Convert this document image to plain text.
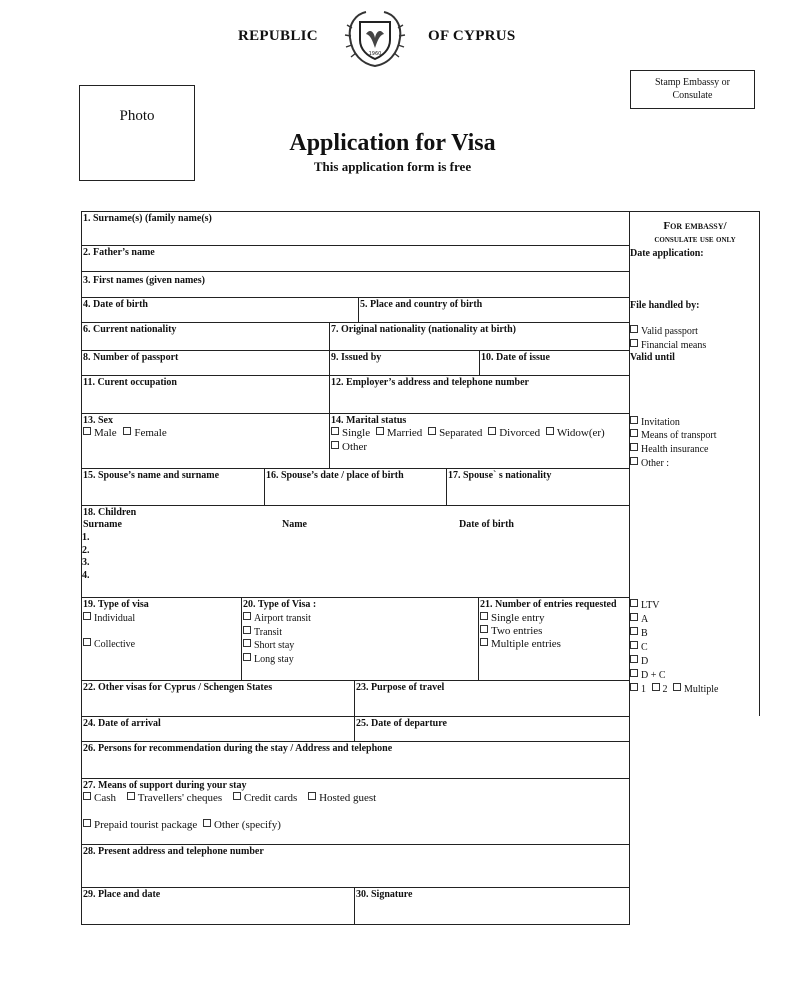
REPUBLIC
1960
OF CYPRUS
Stamp Embassy or Consulate
Photo
Application for Visa
This application form is free
1. Surname(s) (family name(s)
2. Father’s name
3. First names (given names)
4. Date of birth	5. Place and country of birth
6. Current nationality	7. Original nationality (nationality at birth)
8. Number of passport	9. Issued by	10. Date of issue
11. Curent occupation	12. Employer’s address and telephone number
13. Sex
Male Female
14. Marital status
Single Married Separated Divorced Widow(er)
Other
15. Spouse’s name and surname	16. Spouse’s date / place of birth	17. Spouse` s nationality
18. Children
Surname	Name	Date of birth
1.
2.
3.
4.
19. Type of visa
Individual
Collective
20. Type of Visa :
Airport transit
Transit
Short stay
Long stay
21. Number of entries requested
Single entry
Two entries
Multiple entries
22. Other visas for Cyprus / Schengen States	23. Purpose of travel
24. Date of arrival	25. Date of departure
26. Persons for recommendation during the stay / Address and telephone
27. Means of support during your stay
Cash Travellers' cheques Credit cards Hosted guest
Prepaid tourist package Other (specify)
28. Present address and telephone number
29. Place and date	30. Signature
For embassy/
consulate use only
Date application:
File handled by:
Valid passport
Financial means
Valid until
Invitation
Means of transport
Health insurance
Other :
LTV
A
B
C
D
D + C
1 2 Multiple
